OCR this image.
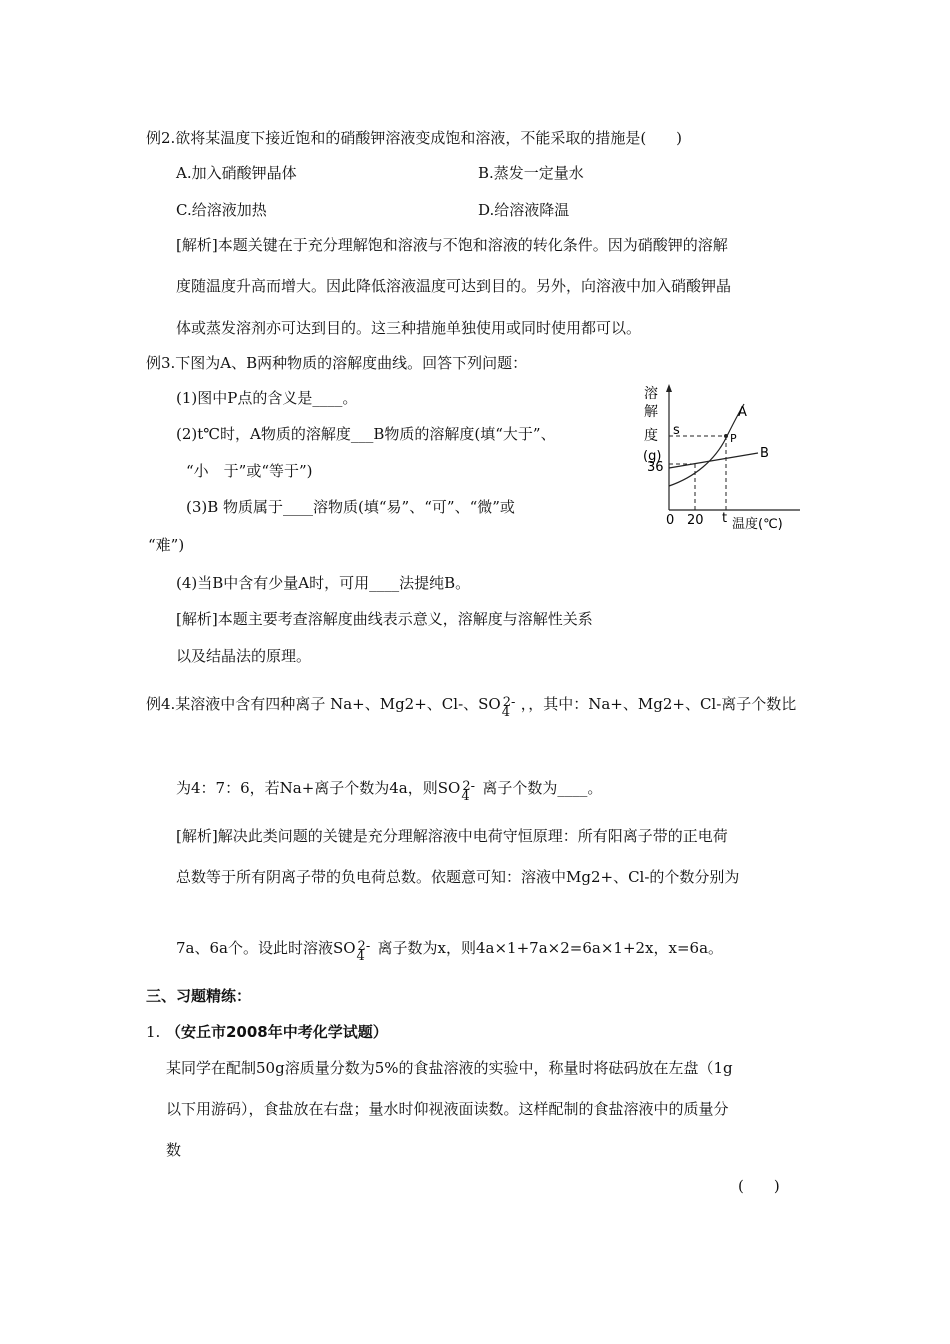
例2.欲将某温度下接近饱和的硝酸钾溶液变成饱和溶液，不能采取的措施是(　　)
A.加入硝酸钾晶体	B.蒸发一定量水
C.给溶液加热	D.给溶液降温
[解析]本题关键在于充分理解饱和溶液与不饱和溶液的转化条件。因为硝酸钾的溶解
度随温度升高而增大。因此降低溶液温度可达到目的。另外，向溶液中加入硝酸钾晶
体或蒸发溶剂亦可达到目的。这三种措施单独使用或同时使用都可以。
例3.下图为A、B两种物质的溶解度曲线。回答下列问题：
(1)图中P点的含义是____。
(2)t℃时，A物质的溶解度___B物质的溶解度(填“大于”、
“小　于”或“等于”)
(3)B 物质属于____溶物质(填“易”、“可”、“微”或
“难”)
(4)当B中含有少量A时，可用____法提纯B。
[解析]本题主要考查溶解度曲线表示意义，溶解度与溶解性关系
以及结晶法的原理。
溶
解
度
(g)
A
B
P
s
36
0 20 t 温度(℃)
例4.某溶液中含有四种离子 Na+、Mg2+、Cl-、SO 2-
4 ，，其中：Na+、Mg2+、Cl-离子个数比
为4：7：6，若Na+离子个数为4a，则SO 2-
4 离子个数为____。
[解析]解决此类问题的关键是充分理解溶液中电荷守恒原理：所有阳离子带的正电荷
总数等于所有阴离子带的负电荷总数。依题意可知：溶液中Mg2+、Cl-的个数分别为
7a、6a个。设此时溶液SO 2-
4 离子数为x，则4a×1+7a×2=6a×1+2x，x=6a。
三、习题精练：
1. （安丘市2008年中考化学试题）
某同学在配制50g溶质量分数为5%的食盐溶液的实验中，称量时将砝码放在左盘（1g
以下用游码），食盐放在右盘；量水时仰视液面读数。这样配制的食盐溶液中的质量分
数
(　　)
